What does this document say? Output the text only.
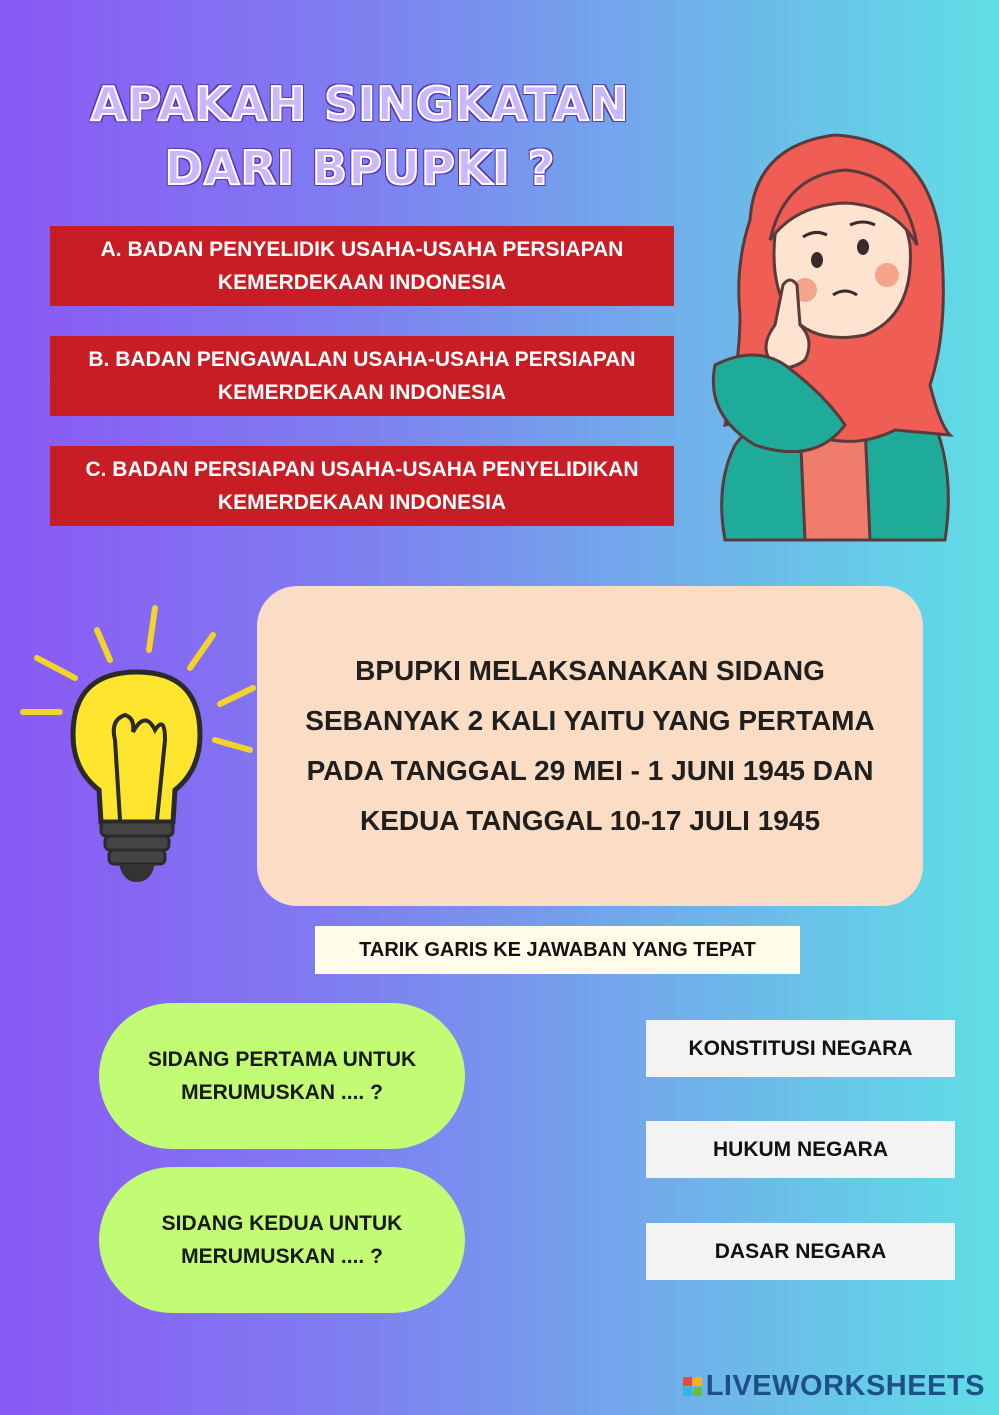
APAKAH SINGKATAN
DARI BPUPKI ?
A. BADAN PENYELIDIK USAHA-USAHA PERSIAPAN KEMERDEKAAN INDONESIA
B. BADAN PENGAWALAN USAHA-USAHA PERSIAPAN KEMERDEKAAN INDONESIA
C. BADAN PERSIAPAN USAHA-USAHA PENYELIDIKAN KEMERDEKAAN INDONESIA
BPUPKI MELAKSANAKAN SIDANG SEBANYAK 2 KALI YAITU YANG PERTAMA PADA TANGGAL 29 MEI - 1 JUNI 1945 DAN KEDUA TANGGAL 10-17 JULI 1945
TARIK GARIS KE JAWABAN YANG TEPAT
SIDANG PERTAMA UNTUK MERUMUSKAN .... ?
SIDANG KEDUA UNTUK MERUMUSKAN .... ?
KONSTITUSI NEGARA
HUKUM NEGARA
DASAR NEGARA
LIVEWORKSHEETS
